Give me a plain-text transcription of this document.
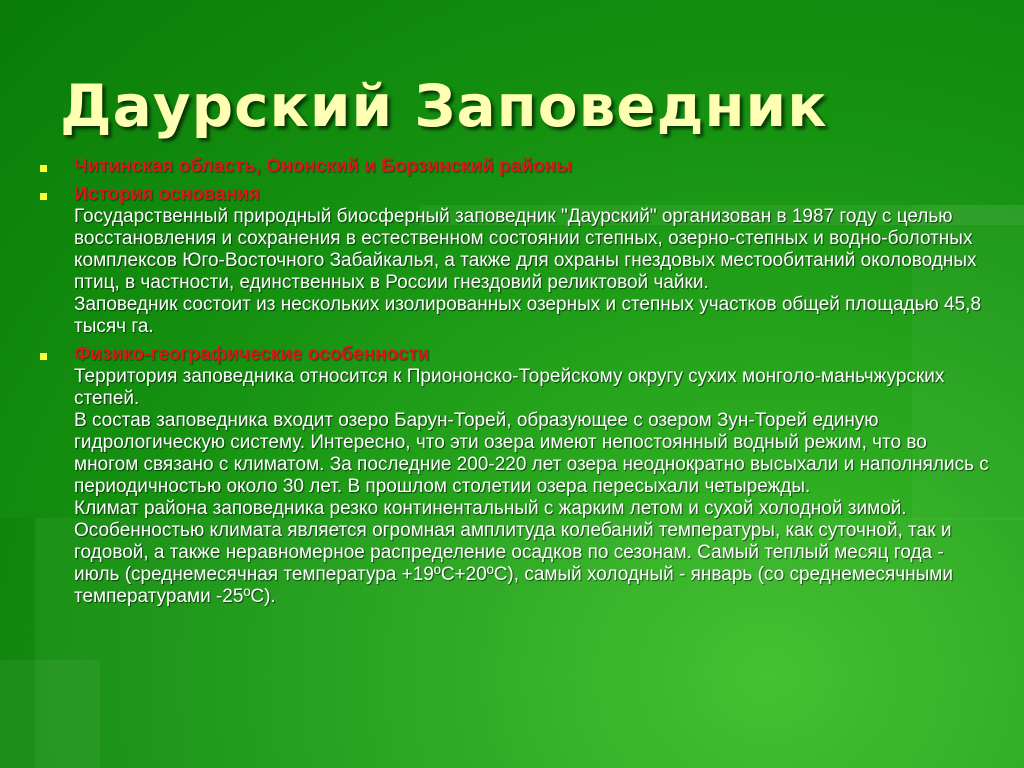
Даурский Заповедник
Читинская область, Ононский и Борзинский районы
История основания
Государственный природный биосферный заповедник "Даурский" организован в 1987 году с целью восстановления и сохранения в естественном состоянии степных, озерно-степных и водно-болотных комплексов Юго-Восточного Забайкалья, а также для охраны гнездовых местообитаний околоводных птиц, в частности, единственных в России гнездовий реликтовой чайки.
Заповедник состоит из нескольких изолированных озерных и степных участков общей площадью 45,8 тысяч га.
Физико-географические особенности
Территория заповедника относится к Приононско-Торейскому округу сухих монголо-маньчжурских степей.
В состав заповедника входит озеро Барун-Торей, образующее с озером Зун-Торей единую гидрологическую систему. Интересно, что эти озера имеют непостоянный водный режим, что во многом связано с климатом. За последние 200-220 лет озера неоднократно высыхали и наполнялись с периодичностью около 30 лет. В прошлом столетии озера пересыхали четырежды.
Климат района заповедника резко континентальный с жарким летом и сухой холодной зимой. Особенностью климата является огромная амплитуда колебаний температуры, как суточной, так и годовой, а также неравномерное распределение осадков по сезонам. Самый теплый месяц года - июль (среднемесячная температура +19ºС+20ºС), самый холодный - январь (со среднемесячными температурами -25ºС).
